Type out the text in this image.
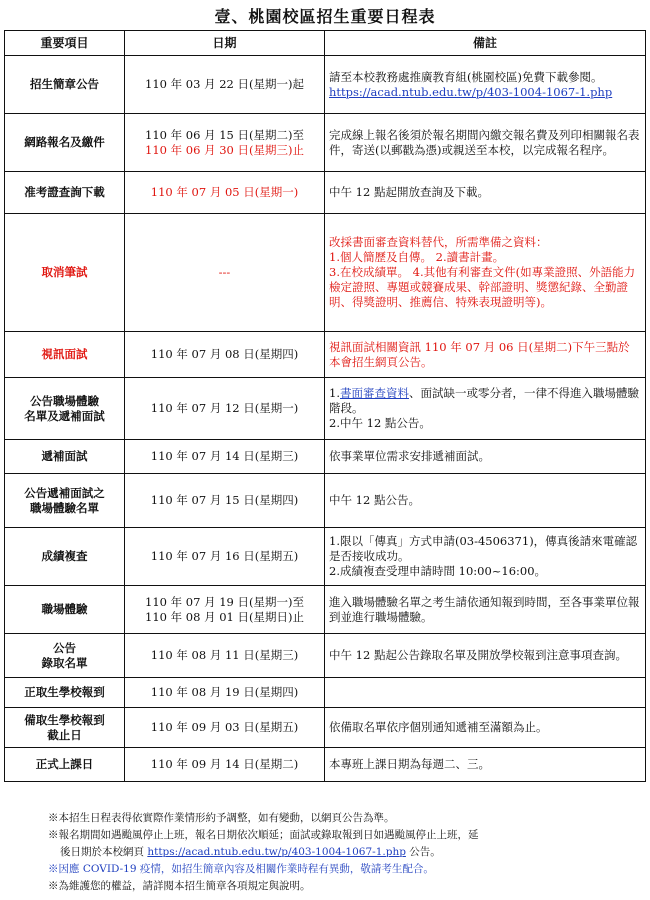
壹、桃園校區招生重要日程表
重要項目	日期	備註
招生簡章公告	110 年 03 月 22 日(星期一)起	請至本校教務處推廣教育組(桃園校區)免費下載參閱。
https://acad.ntub.edu.tw/p/403-1004-1067-1.php
網路報名及繳件	110 年 06 月 15 日(星期二)至
110 年 06 月 30 日(星期三)止	完成線上報名後須於報名期間內繳交報名費及列印相關報名表件，寄送(以郵戳為憑)或親送至本校，以完成報名程序。
准考證查詢下載	110 年 07 月 05 日(星期一)	中午 12 點起開放查詢及下載。
取消筆試	---	改採書面審查資料替代，所需準備之資料：
1.個人簡歷及自傳。 2.讀書計畫。
3.在校成績單。 4.其他有利審查文件(如專業證照、外語能力檢定證照、專題或競賽成果、幹部證明、獎懲紀錄、全勤證明、得獎證明、推薦信、特殊表現證明等)。
視訊面試	110 年 07 月 08 日(星期四)	視訊面試相關資訊 110 年 07 月 06 日(星期二)下午三點於本會招生網頁公告。
公告職場體驗
名單及遞補面試	110 年 07 月 12 日(星期一)	1.書面審查資料、面試缺一或零分者，一律不得進入職場體驗階段。
2.中午 12 點公告。
遞補面試	110 年 07 月 14 日(星期三)	依事業單位需求安排遞補面試。
公告遞補面試之
職場體驗名單	110 年 07 月 15 日(星期四)	中午 12 點公告。
成績複查	110 年 07 月 16 日(星期五)	1.限以「傳真」方式申請(03-4506371)，傳真後請來電確認是否接收成功。
2.成績複查受理申請時間 10:00~16:00。
職場體驗	110 年 07 月 19 日(星期一)至
110 年 08 月 01 日(星期日)止	進入職場體驗名單之考生請依通知報到時間，至各事業單位報到並進行職場體驗。
公告
錄取名單	110 年 08 月 11 日(星期三)	中午 12 點起公告錄取名單及開放學校報到注意事項查詢。
正取生學校報到	110 年 08 月 19 日(星期四)	
備取生學校報到
截止日	110 年 09 月 03 日(星期五)	依備取名單依序個別通知遞補至滿額為止。
正式上課日	110 年 09 月 14 日(星期二)	本專班上課日期為每週二、三。
※本招生日程表得依實際作業情形約予調整，如有變動，以網頁公告為準。
※報名期間如遇颱風停止上班，報名日期依次順延；面試或錄取報到日如遇颱風停止上班，延
後日期於本校網頁 https://acad.ntub.edu.tw/p/403-1004-1067-1.php 公告。
※因應 COVID-19 疫情，如招生簡章內容及相關作業時程有異動，敬請考生配合。
※為維護您的權益，請詳閱本招生簡章各項規定與說明。
